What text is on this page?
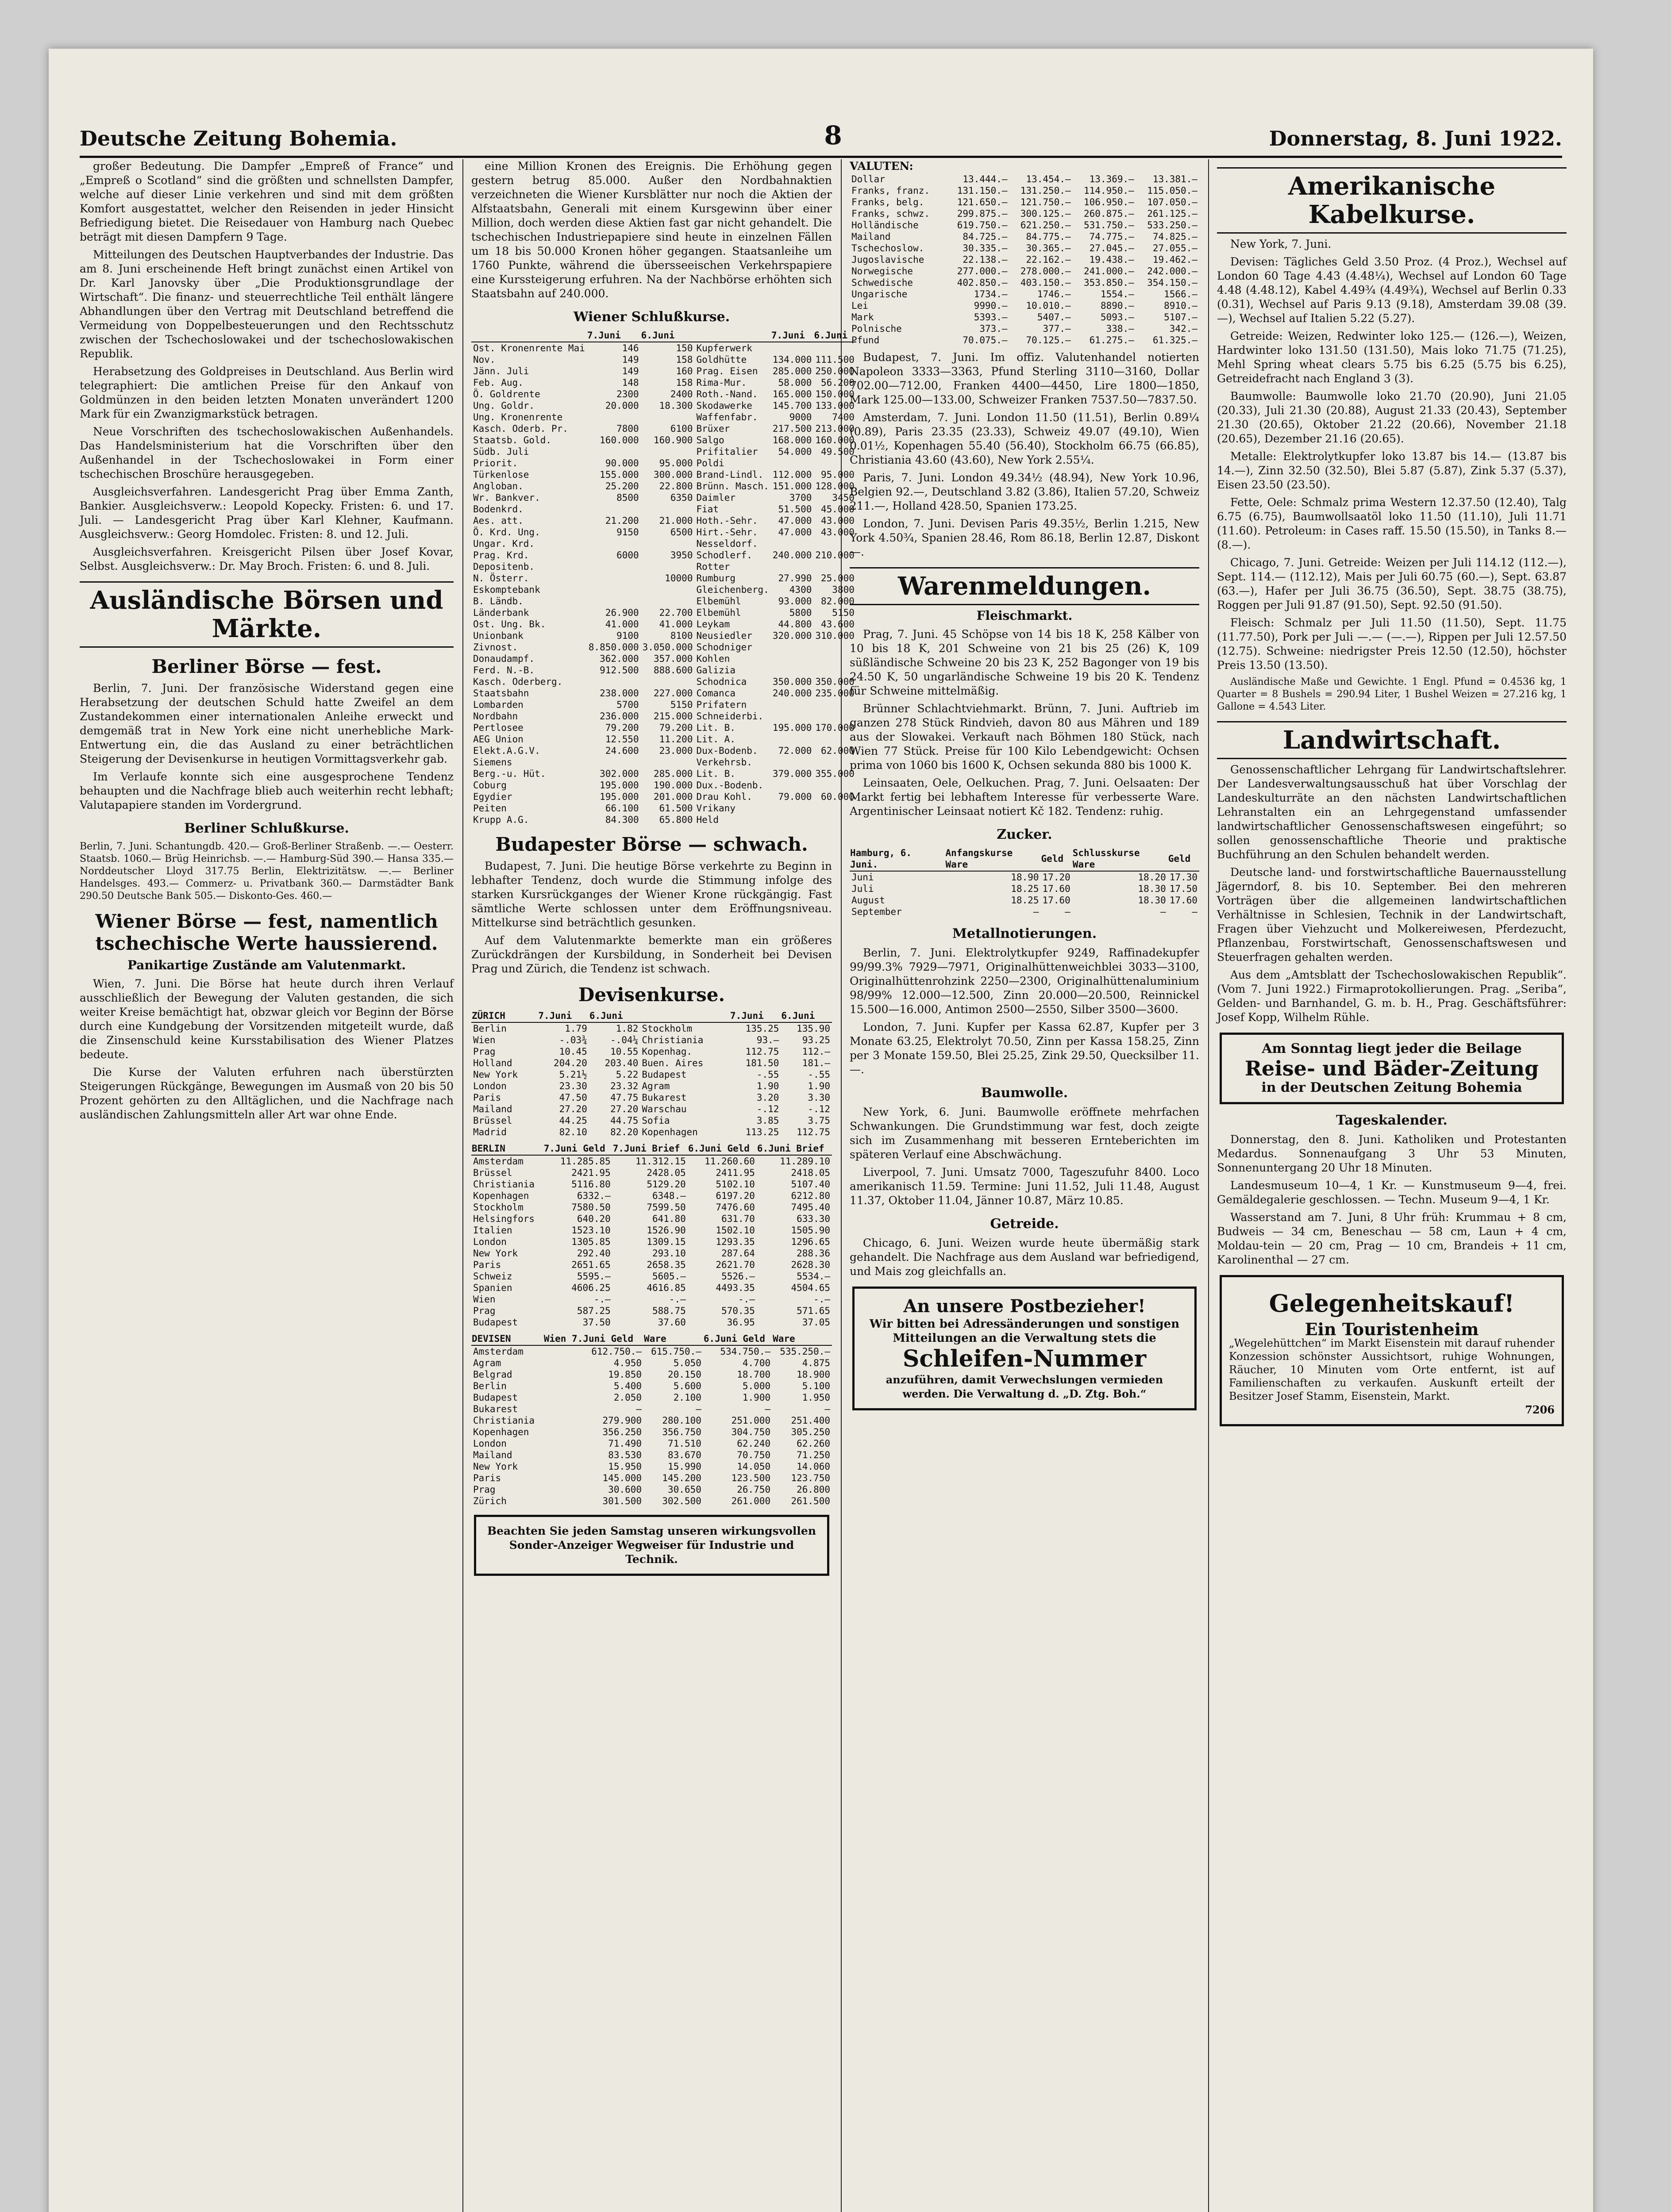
Deutsche Zeitung Bohemia.	8	Donnerstag, 8. Juni 1922.

großer Bedeutung. Die Dampfer „Empreß of France“ und „Empreß o Scotland“ sind die größten und schnellsten Dampfer, welche auf dieser Linie verkehren und sind mit dem größten Komfort ausgestattet, welcher den Reisenden in jeder Hinsicht Befriedigung bietet. Die Reisedauer von Hamburg nach Quebec beträgt mit diesen Dampfern 9 Tage.

Mitteilungen des Deutschen Hauptverbandes der Industrie. Das am 8. Juni erscheinende Heft bringt zunächst einen Artikel von Dr. Karl Janovsky über „Die Produktionsgrundlage der Wirtschaft“. Die finanz- und steuerrechtliche Teil enthält längere Abhandlungen über den Vertrag mit Deutschland betreffend die Vermeidung von Doppelbesteuerungen und den Rechtsschutz zwischen der Tschechoslowakei und der tschechoslowakischen Republik.

Herabsetzung des Goldpreises in Deutschland. Aus Berlin wird telegraphiert: Die amtlichen Preise für den Ankauf von Goldmünzen in den beiden letzten Monaten unverändert 1200 Mark für ein Zwanzigmarkstück betragen.

Neue Vorschriften des tschechoslowakischen Außenhandels. Das Handelsministerium hat die Vorschriften über den Außenhandel in der Tschechoslowakei in Form einer tschechischen Broschüre herausgegeben.

Ausgleichsverfahren. Landesgericht Prag über Emma Zanth, Bankier. Ausgleichsverw.: Leopold Kopecky. Fristen: 6. und 17. Juli. — Landesgericht Prag über Karl Klehner, Kaufmann. Ausgleichsverw.: Georg Homdolec. Fristen: 8. und 12. Juli.

Ausgleichsverfahren. Kreisgericht Pilsen über Josef Kovar, Selbst. Ausgleichsverw.: Dr. May Broch. Fristen: 6. und 8. Juli.

Ausländische Börsen und Märkte.
Berliner Börse — fest.

Berlin, 7. Juni. Der französische Widerstand gegen eine Herabsetzung der deutschen Schuld hatte Zweifel an dem Zustandekommen einer internationalen Anleihe erweckt und demgemäß trat in New York eine nicht unerhebliche Mark-Entwertung ein, die das Ausland zu einer beträchtlichen Steigerung der Devisenkurse in heutigen Vormittagsverkehr gab.

Im Verlaufe konnte sich eine ausgesprochene Tendenz behaupten und die Nachfrage blieb auch weiterhin recht lebhaft; Valutapapiere standen im Vordergrund.

Berliner Schlußkurse.

Berlin, 7. Juni. Schantungdb. 420.— Groß-Berliner Straßenb. —.— Oesterr. Staatsb. 1060.— Brüg Heinrichsb. —.— Hamburg-Süd 390.— Hansa 335.— Norddeutscher Lloyd 317.75 Berlin, Elektrizitätsw. —.— Berliner Handelsges. 493.— Commerz- u. Privatbank 360.— Darmstädter Bank 290.50 Deutsche Bank 505.— Diskonto-Ges. 460.—

Wiener Börse — fest, namentlich tschechische Werte haussierend.
Panikartige Zustände am Valutenmarkt.

Wien, 7. Juni. Die Börse hat heute durch ihren Verlauf ausschließlich der Bewegung der Valuten gestanden, die sich weiter Kreise bemächtigt hat, obzwar gleich vor Beginn der Börse durch eine Kundgebung der Vorsitzenden mitgeteilt wurde, daß die Zinsenschuld keine Kursstabilisation des Wiener Platzes bedeute.

Die Kurse der Valuten erfuhren nach überstürzten Steigerungen Rückgänge, Bewegungen im Ausmaß von 20 bis 50 Prozent gehörten zu den Alltäglichen, und die Nachfrage nach ausländischen Zahlungsmitteln aller Art war ohne Ende.

eine Million Kronen des Ereignis. Die Erhöhung gegen gestern betrug 85.000. Außer den Nordbahnaktien verzeichneten die Wiener Kursblätter nur noch die Aktien der Alfstaatsbahn, Generali mit einem Kursgewinn über einer Million, doch werden diese Aktien fast gar nicht gehandelt. Die tschechischen Industriepapiere sind heute in einzelnen Fällen um 18 bis 50.000 Kronen höher gegangen. Staatsanleihe um 1760 Punkte, während die übersseeischen Verkehrspapiere eine Kurssteigerung erfuhren. Na der Nachbörse erhöhten sich Staatsbahn auf 240.000.

Wiener Schlußkurse.
	7.Juni	6.Juni		7.Juni	6.Juni
Ost. Kronenrente Mai	146	150	Kupferwerk		
Nov.	149	158	Goldhütte	134.000	111.500
Jänn. Juli	149	160	Prag. Eisen	285.000	250.000
Feb. Aug.	148	158	Rima-Mur.	58.000	56.200
Ö. Goldrente	2300	2400	Roth.-Nand.	165.000	150.000
Ung. Goldr.	20.000	18.300	Skodawerke	145.700	133.000
Ung. Kronenrente			Waffenfabr.	9000	7400
Kasch. Oderb. Pr.	7800	6100	Brüxer	217.500	213.000
Staatsb. Gold.	160.000	160.900	Salgo	168.000	160.000
Südb. Juli			Prifitalier	54.000	49.500
Priorit.	90.000	95.000	Poldi		
Türkenlose	155.000	300.000	Brand-Lindl.	112.000	95.000
Angloban.	25.200	22.800	Brünn. Masch.	151.000	128.000
Wr. Bankver.	8500	6350	Daimler	3700	3450
Bodenkrd.			Fiat	51.500	45.000
Aes. att.	21.200	21.000	Hoth.-Sehr.	47.000	43.000
Ö. Krd. Ung.	9150	6500	Hirt.-Sehr.	47.000	43.000
Ungar. Krd.			Nesseldorf.		
Prag. Krd.	6000	3950	Schodlerf.	240.000	210.000
Depositenb.			Rotter		
N. Österr.		10000	Rumburg	27.990	25.000
Eskomptebank			Gleichenberg.	4300	3800
B. Ländb.			Elbemühl	93.000	82.000
Länderbank	26.900	22.700	Elbemühl	5800	5150
Ost. Ung. Bk.	41.000	41.000	Leykam	44.800	43.600
Unionbank	9100	8100	Neusiedler	320.000	310.000
Zivnost.	8.850.000	3.050.000	Schodniger		
Donaudampf.	362.000	357.000	Kohlen		
Ferd. N.-B.	912.500	888.600	Galizia		
Kasch. Oderberg.			Schodnica	350.000	350.000
Staatsbahn	238.000	227.000	Comanca	240.000	235.000
Lombarden	5700	5150	Prifatern		
Nordbahn	236.000	215.000	Schneiderbi.		
Pertlosee	79.200	79.200	Lit. B.	195.000	170.000
AEG Union	12.550	11.200	Lit. A.		
Elekt.A.G.V.	24.600	23.000	Dux-Bodenb.	72.000	62.000
Siemens			Verkehrsb.		
Berg.-u. Hüt.	302.000	285.000	Lit. B.	379.000	355.000
Coburg	195.000	190.000	Dux.-Bodenb.		
Egydier	195.000	201.000	Drau Kohl.	79.000	60.000
Peiten	66.100	61.500	Vrikany		
Krupp A.G.	84.300	65.800	Held		
Budapester Börse — schwach.

Budapest, 7. Juni. Die heutige Börse verkehrte zu Beginn in lebhafter Tendenz, doch wurde die Stimmung infolge des starken Kursrückganges der Wiener Krone rückgängig. Fast sämtliche Werte schlossen unter dem Eröffnungsniveau. Mittelkurse sind beträchtlich gesunken.

Auf dem Valutenmarkte bemerkte man ein größeres Zurückdrängen der Kursbildung, in Sonderheit bei Devisen Prag und Zürich, die Tendenz ist schwach.

Devisenkurse.
ZÜRICH	7.Juni	6.Juni		7.Juni	6.Juni
Berlin	1.79	1.82	Stockholm	135.25	135.90
Wien	-.03¾	-.04¼	Christiania	93.—	93.25
Prag	10.45	10.55	Kopenhag.	112.75	112.—
Holland	204.20	203.40	Buen. Aires	181.50	181.—
New York	5.21½	5.22	Budapest	-.55	-.55
London	23.30	23.32	Agram	1.90	1.90
Paris	47.50	47.75	Bukarest	3.20	3.30
Mailand	27.20	27.20	Warschau	-.12	-.12
Brüssel	44.25	44.75	Sofia	3.85	3.75
Madrid	82.10	82.20	Kopenhagen	113.25	112.75
BERLIN	7.Juni Geld	7.Juni Brief	6.Juni Geld	6.Juni Brief
Amsterdam	11.285.85	11.312.15	11.260.60	11.289.10
Brüssel	2421.95	2428.05	2411.95	2418.05
Christiania	5116.80	5129.20	5102.10	5107.40
Kopenhagen	6332.—	6348.—	6197.20	6212.80
Stockholm	7580.50	7599.50	7476.60	7495.40
Helsingfors	640.20	641.80	631.70	633.30
Italien	1523.10	1526.90	1502.10	1505.90
London	1305.85	1309.15	1293.35	1296.65
New York	292.40	293.10	287.64	288.36
Paris	2651.65	2658.35	2621.70	2628.30
Schweiz	5595.—	5605.—	5526.—	5534.—
Spanien	4606.25	4616.85	4493.35	4504.65
Wien	-.—	-.—	-.—	-.—
Prag	587.25	588.75	570.35	571.65
Budapest	37.50	37.60	36.95	37.05
DEVISEN	Wien 7.Juni Geld	Ware	6.Juni Geld	Ware
Amsterdam	612.750.—	615.750.—	534.750.—	535.250.—
Agram	4.950	5.050	4.700	4.875
Belgrad	19.850	20.150	18.700	18.900
Berlin	5.400	5.600	5.000	5.100
Budapest	2.050	2.100	1.900	1.950
Bukarest	—	—	—	—
Christiania	279.900	280.100	251.000	251.400
Kopenhagen	356.250	356.750	304.750	305.250
London	71.490	71.510	62.240	62.260
Mailand	83.530	83.670	70.750	71.250
New York	15.950	15.990	14.050	14.060
Paris	145.000	145.200	123.500	123.750
Prag	30.600	30.650	26.750	26.800
Zürich	301.500	302.500	261.000	261.500
Beachten Sie jeden Samstag unseren wirkungsvollen Sonder-Anzeiger Wegweiser für Industrie und Technik.
VALUTEN:
Dollar	13.444.—	13.454.—	13.369.—	13.381.—
Franks, franz.	131.150.—	131.250.—	114.950.—	115.050.—
Franks, belg.	121.650.—	121.750.—	106.950.—	107.050.—
Franks, schwz.	299.875.—	300.125.—	260.875.—	261.125.—
Holländische	619.750.—	621.250.—	531.750.—	533.250.—
Mailand	84.725.—	84.775.—	74.775.—	74.825.—
Tschechoslow.	30.335.—	30.365.—	27.045.—	27.055.—
Jugoslavische	22.138.—	22.162.—	19.438.—	19.462.—
Norwegische	277.000.—	278.000.—	241.000.—	242.000.—
Schwedische	402.850.—	403.150.—	353.850.—	354.150.—
Ungarische	1734.—	1746.—	1554.—	1566.—
Lei	9990.—	10.010.—	8890.—	8910.—
Mark	5393.—	5407.—	5093.—	5107.—
Polnische	373.—	377.—	338.—	342.—
Pfund	70.075.—	70.125.—	61.275.—	61.325.—

Budapest, 7. Juni. Im offiz. Valutenhandel notierten Napoleon 3333—3363, Pfund Sterling 3110—3160, Dollar 702.00—712.00, Franken 4400—4450, Lire 1800—1850, Mark 125.00—133.00, Schweizer Franken 7537.50—7837.50.

Amsterdam, 7. Juni. London 11.50 (11.51), Berlin 0.89¼ (0.89), Paris 23.35 (23.33), Schweiz 49.07 (49.10), Wien 0.01½, Kopenhagen 55.40 (56.40), Stockholm 66.75 (66.85), Christiania 43.60 (43.60), New York 2.55¼.

Paris, 7. Juni. London 49.34½ (48.94), New York 10.96, Belgien 92.—, Deutschland 3.82 (3.86), Italien 57.20, Schweiz 211.—, Holland 428.50, Spanien 173.25.

London, 7. Juni. Devisen Paris 49.35½, Berlin 1.215, New York 4.50¾, Spanien 28.46, Rom 86.18, Berlin 12.87, Diskont —.

Warenmeldungen.
Fleischmarkt.

Prag, 7. Juni. 45 Schöpse von 14 bis 18 K, 258 Kälber von 10 bis 18 K, 201 Schweine von 21 bis 25 (26) K, 109 süßländische Schweine 20 bis 23 K, 252 Bagonger von 19 bis 24.50 K, 50 ungarländische Schweine 19 bis 20 K. Tendenz für Schweine mittelmäßig.

Brünner Schlachtviehmarkt. Brünn, 7. Juni. Auftrieb im ganzen 278 Stück Rindvieh, davon 80 aus Mähren und 189 aus der Slowakei. Verkauft nach Böhmen 180 Stück, nach Wien 77 Stück. Preise für 100 Kilo Lebendgewicht: Ochsen prima von 1060 bis 1600 K, Ochsen sekunda 880 bis 1000 K.

Leinsaaten, Oele, Oelkuchen. Prag, 7. Juni. Oelsaaten: Der Markt fertig bei lebhaftem Interesse für verbesserte Ware. Argentinischer Leinsaat notiert Kč 182. Tendenz: ruhig.

Zucker.
Hamburg, 6. Juni.	Anfangskurse Ware	Geld	Schlusskurse Ware	Geld
Juni	18.90	17.20	18.20	17.30
Juli	18.25	17.60	18.30	17.50
August	18.25	17.60	18.30	17.60
September	—	—	—	—
Metallnotierungen.

Berlin, 7. Juni. Elektrolytkupfer 9249, Raffinadekupfer 99/99.3% 7929—7971, Originalhüttenweichblei 3033—3100, Originalhüttenrohzink 2250—2300, Originalhüttenaluminium 98/99% 12.000—12.500, Zinn 20.000—20.500, Reinnickel 15.500—16.000, Antimon 2500—2550, Silber 3500—3600.

London, 7. Juni. Kupfer per Kassa 62.87, Kupfer per 3 Monate 63.25, Elektrolyt 70.50, Zinn per Kassa 158.25, Zinn per 3 Monate 159.50, Blei 25.25, Zink 29.50, Quecksilber 11.—.

Baumwolle.

New York, 6. Juni. Baumwolle eröffnete mehrfachen Schwankungen. Die Grundstimmung war fest, doch zeigte sich im Zusammenhang mit besseren Ernteberichten im späteren Verlauf eine Abschwächung.

Liverpool, 7. Juni. Umsatz 7000, Tageszufuhr 8400. Loco amerikanisch 11.59. Termine: Juni 11.52, Juli 11.48, August 11.37, Oktober 11.04, Jänner 10.87, März 10.85.

Getreide.

Chicago, 6. Juni. Weizen wurde heute übermäßig stark gehandelt. Die Nachfrage aus dem Ausland war befriedigend, und Mais zog gleichfalls an.

An unsere Postbezieher!
Wir bitten bei Adressänderungen und sonstigen Mitteilungen an die Verwaltung stets die
Schleifen-Nummer
anzuführen, damit Verwechslungen vermieden werden. Die Verwaltung d. „D. Ztg. Boh.“
Amerikanische Kabelkurse.

New York, 7. Juni.

Devisen: Tägliches Geld 3.50 Proz. (4 Proz.), Wechsel auf London 60 Tage 4.43 (4.48¼), Wechsel auf London 60 Tage 4.48 (4.48.12), Kabel 4.49¾ (4.49¾), Wechsel auf Berlin 0.33 (0.31), Wechsel auf Paris 9.13 (9.18), Amsterdam 39.08 (39.—), Wechsel auf Italien 5.22 (5.27).

Getreide: Weizen, Redwinter loko 125.— (126.—), Weizen, Hardwinter loko 131.50 (131.50), Mais loko 71.75 (71.25), Mehl Spring wheat clears 5.75 bis 6.25 (5.75 bis 6.25), Getreidefracht nach England 3 (3).

Baumwolle: Baumwolle loko 21.70 (20.90), Juni 21.05 (20.33), Juli 21.30 (20.88), August 21.33 (20.43), September 21.30 (20.65), Oktober 21.22 (20.66), November 21.18 (20.65), Dezember 21.16 (20.65).

Metalle: Elektrolytkupfer loko 13.87 bis 14.— (13.87 bis 14.—), Zinn 32.50 (32.50), Blei 5.87 (5.87), Zink 5.37 (5.37), Eisen 23.50 (23.50).

Fette, Oele: Schmalz prima Western 12.37.50 (12.40), Talg 6.75 (6.75), Baumwollsaatöl loko 11.50 (11.10), Juli 11.71 (11.60). Petroleum: in Cases raff. 15.50 (15.50), in Tanks 8.— (8.—).

Chicago, 7. Juni. Getreide: Weizen per Juli 114.12 (112.—), Sept. 114.— (112.12), Mais per Juli 60.75 (60.—), Sept. 63.87 (63.—), Hafer per Juli 36.75 (36.50), Sept. 38.75 (38.75), Roggen per Juli 91.87 (91.50), Sept. 92.50 (91.50).

Fleisch: Schmalz per Juli 11.50 (11.50), Sept. 11.75 (11.77.50), Pork per Juli —.— (—.—), Rippen per Juli 12.57.50 (12.75). Schweine: niedrigster Preis 12.50 (12.50), höchster Preis 13.50 (13.50).

Ausländische Maße und Gewichte. 1 Engl. Pfund = 0.4536 kg, 1 Quarter = 8 Bushels = 290.94 Liter, 1 Bushel Weizen = 27.216 kg, 1 Gallone = 4.543 Liter.

Landwirtschaft.

Genossenschaftlicher Lehrgang für Landwirtschaftslehrer. Der Landesverwaltungsausschuß hat über Vorschlag der Landeskulturräte an den nächsten Landwirtschaftlichen Lehranstalten ein an Lehrgegenstand umfassender landwirtschaftlicher Genossenschaftswesen eingeführt; so sollen genossenschaftliche Theorie und praktische Buchführung an den Schulen behandelt werden.

Deutsche land- und forstwirtschaftliche Bauernausstellung Jägerndorf, 8. bis 10. September. Bei den mehreren Vorträgen über die allgemeinen landwirtschaftlichen Verhältnisse in Schlesien, Technik in der Landwirtschaft, Fragen über Viehzucht und Molkereiwesen, Pferdezucht, Pflanzenbau, Forstwirtschaft, Genossenschaftswesen und Steuerfragen gehalten werden.

Aus dem „Amtsblatt der Tschechoslowakischen Republik“. (Vom 7. Juni 1922.) Firmaprotokollierungen. Prag. „Seriba“, Gelden- und Barnhandel, G. m. b. H., Prag. Geschäftsführer: Josef Kopp, Wilhelm Rühle.

Am Sonntag liegt jeder die Beilage
Reise- und Bäder-Zeitung
in der Deutschen Zeitung Bohemia
Tageskalender.

Donnerstag, den 8. Juni. Katholiken und Protestanten Medardus. Sonnenaufgang 3 Uhr 53 Minuten, Sonnenuntergang 20 Uhr 18 Minuten.

Landesmuseum 10—4, 1 Kr. — Kunstmuseum 9—4, frei. Gemäldegalerie geschlossen. — Techn. Museum 9—4, 1 Kr.

Wasserstand am 7. Juni, 8 Uhr früh: Krummau + 8 cm, Budweis — 34 cm, Beneschau — 58 cm, Laun + 4 cm, Moldau-tein — 20 cm, Prag — 10 cm, Brandeis + 11 cm, Karolinenthal — 27 cm.

Gelegenheitskauf!
Ein Touristenheim
„Wegelehüttchen“ im Markt Eisenstein mit darauf ruhender Konzession schönster Aussichtsort, ruhige Wohnungen, Räucher, 10 Minuten vom Orte entfernt, ist auf Familienschaften zu verkaufen. Auskunft erteilt der Besitzer Josef Stamm, Eisenstein, Markt.
7206
